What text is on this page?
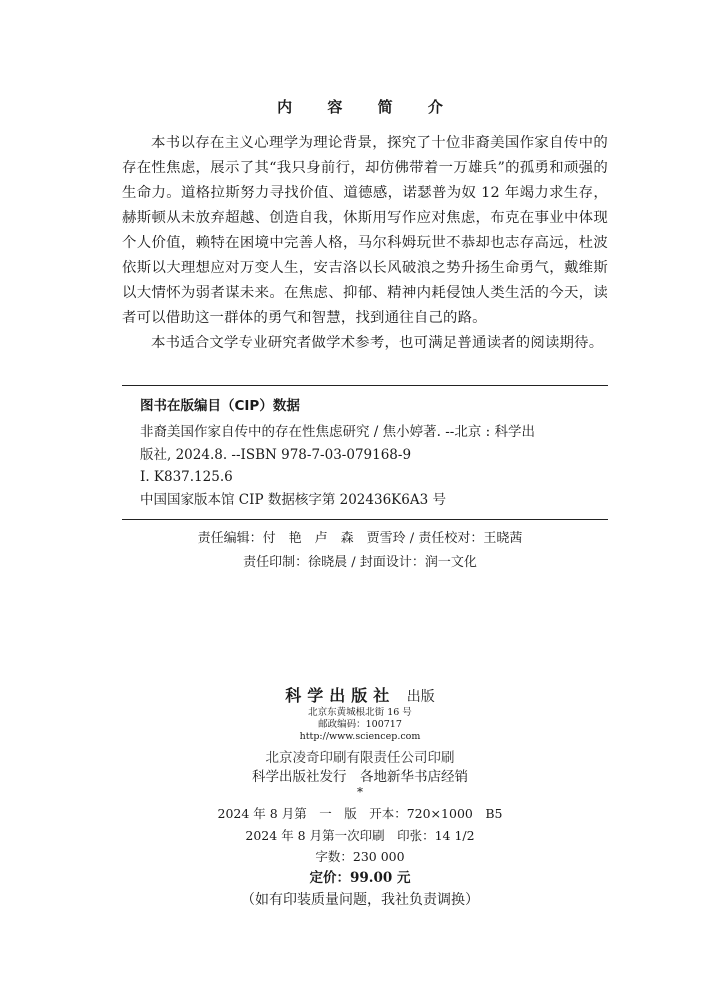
内 容 简 介

本书以存在主义心理学为理论背景，探究了十位非裔美国作家自传中的存在性焦虑，展示了其“我只身前行，却仿佛带着一万雄兵”的孤勇和顽强的生命力。道格拉斯努力寻找价值、道德感，诺瑟普为奴 12 年竭力求生存，赫斯顿从未放弃超越、创造自我，休斯用写作应对焦虑，布克在事业中体现个人价值，赖特在困境中完善人格，马尔科姆玩世不恭却也志存高远，杜波依斯以大理想应对万变人生，安吉洛以长风破浪之势升扬生命勇气，戴维斯以大情怀为弱者谋未来。在焦虑、抑郁、精神内耗侵蚀人类生活的今天，读者可以借助这一群体的勇气和智慧，找到通往自己的路。

本书适合文学专业研究者做学术参考，也可满足普通读者的阅读期待。

图书在版编目（CIP）数据
非裔美国作家自传中的存在性焦虑研究 / 焦小婷著. --北京 : 科学出
版社, 2024.8. --ISBN 978-7-03-079168-9
Ⅰ. K837.125.6
中国国家版本馆 CIP 数据核字第 202436K6A3 号
责任编辑：付　艳　卢　森　贾雪玲 / 责任校对：王晓茜
责任印制：徐晓晨 / 封面设计：润一文化
科学出版社 出版
北京东黄城根北街 16 号
邮政编码：100717
http://www.sciencep.com
北京凌奇印刷有限责任公司印刷
科学出版社发行　各地新华书店经销
*
2024 年 8 月第　一　版　开本：720×1000　B5
2024 年 8 月第一次印刷　印张：14 1/2
字数：230 000
定价：99.00 元
（如有印装质量问题，我社负责调换）
